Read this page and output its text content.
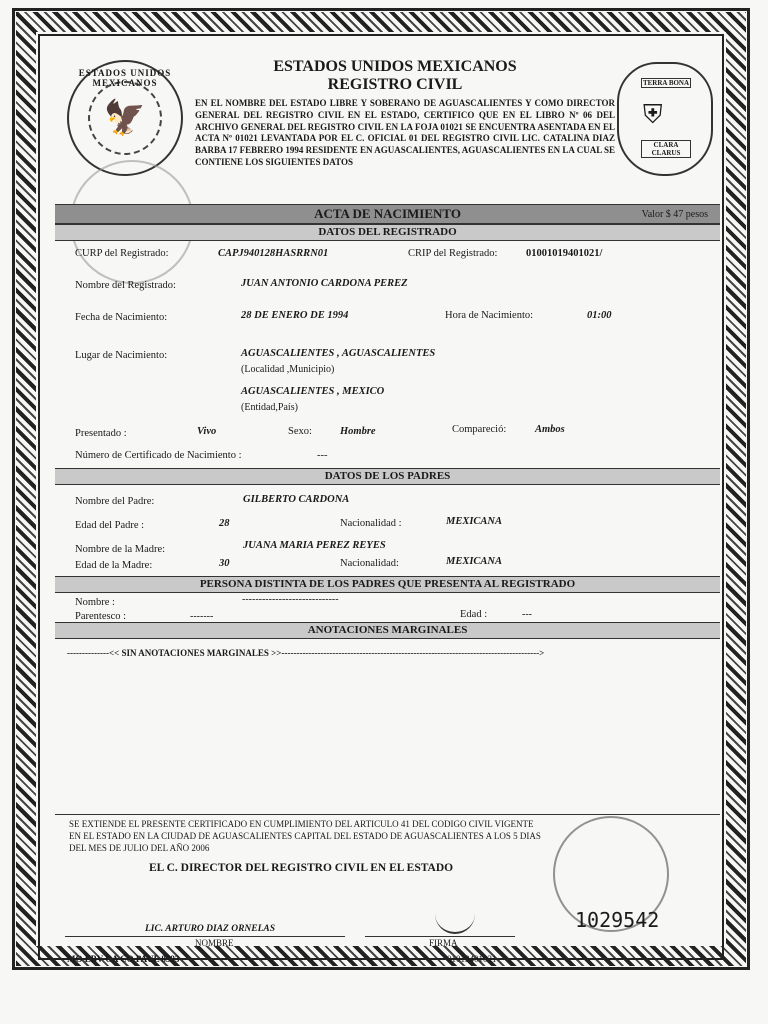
ESTADOS UNIDOS MEXICANOS
🦅
TERRA BONA
⛨
CLARA CLARUS
ESTADOS UNIDOS MEXICANOS
REGISTRO CIVIL
EN EL NOMBRE DEL ESTADO LIBRE Y SOBERANO DE AGUASCALIENTES Y COMO DIRECTOR GENERAL DEL REGISTRO CIVIL EN EL ESTADO, CERTIFICO QUE EN EL LIBRO Nº 06 DEL ARCHIVO GENERAL DEL REGISTRO CIVIL EN LA FOJA 01021 SE ENCUENTRA ASENTADA EN EL ACTA Nº 01021 LEVANTADA POR EL C. OFICIAL 01 DEL REGISTRO CIVIL LIC. CATALINA DIAZ BARBA 17 FEBRERO 1994 RESIDENTE EN AGUASCALIENTES, AGUASCALIENTES EN LA CUAL SE CONTIENE LOS SIGUIENTES DATOS
ACTA DE NACIMIENTO	Valor $ 47 pesos
DATOS DEL REGISTRADO
CURP del Registrado:	CAPJ940128HASRRN01	CRIP del Registrado:	01001019401021/
Nombre del Registrado:	JUAN ANTONIO CARDONA PEREZ
Fecha de Nacimiento:	28 DE ENERO DE 1994	Hora de Nacimiento:	01:00
Lugar de Nacimiento:	AGUASCALIENTES , AGUASCALIENTES
(Localidad ,Municipio)
AGUASCALIENTES , MEXICO
(Entidad,País)
Presentado :	Vivo	Sexo:	Hombre	Compareció:	Ambos
Número de Certificado de Nacimiento :	---
DATOS DE LOS PADRES
Nombre del Padre:	GILBERTO CARDONA
Edad del Padre :	28	Nacionalidad :	MEXICANA
Nombre de la Madre:	JUANA MARIA PEREZ REYES
Edad de la Madre:	30	Nacionalidad:	MEXICANA
PERSONA DISTINTA DE LOS PADRES QUE PRESENTA AL REGISTRADO
Nombre :	-----------------------------
Parentesco :	-------	Edad :	---
ANOTACIONES MARGINALES
--------------<< SIN ANOTACIONES MARGINALES >>-------------------------------------------------------------------------------------->
SE EXTIENDE EL PRESENTE CERTIFICADO EN CUMPLIMIENTO DEL ARTICULO 41 DEL CODIGO CIVIL VIGENTE EN EL ESTADO EN LA CIUDAD DE AGUASCALIENTES CAPITAL DEL ESTADO DE AGUASCALIENTES A LOS 5 DIAS DEL MES DE JULIO DEL AÑO 2006
EL C. DIRECTOR DEL REGISTRO CIVIL EN EL ESTADO
LIC. ARTURO DIAZ ORNELAS
NOMBRE	FIRMA
1029542
MO EBV CA CO PAUL 8393	01019401021
